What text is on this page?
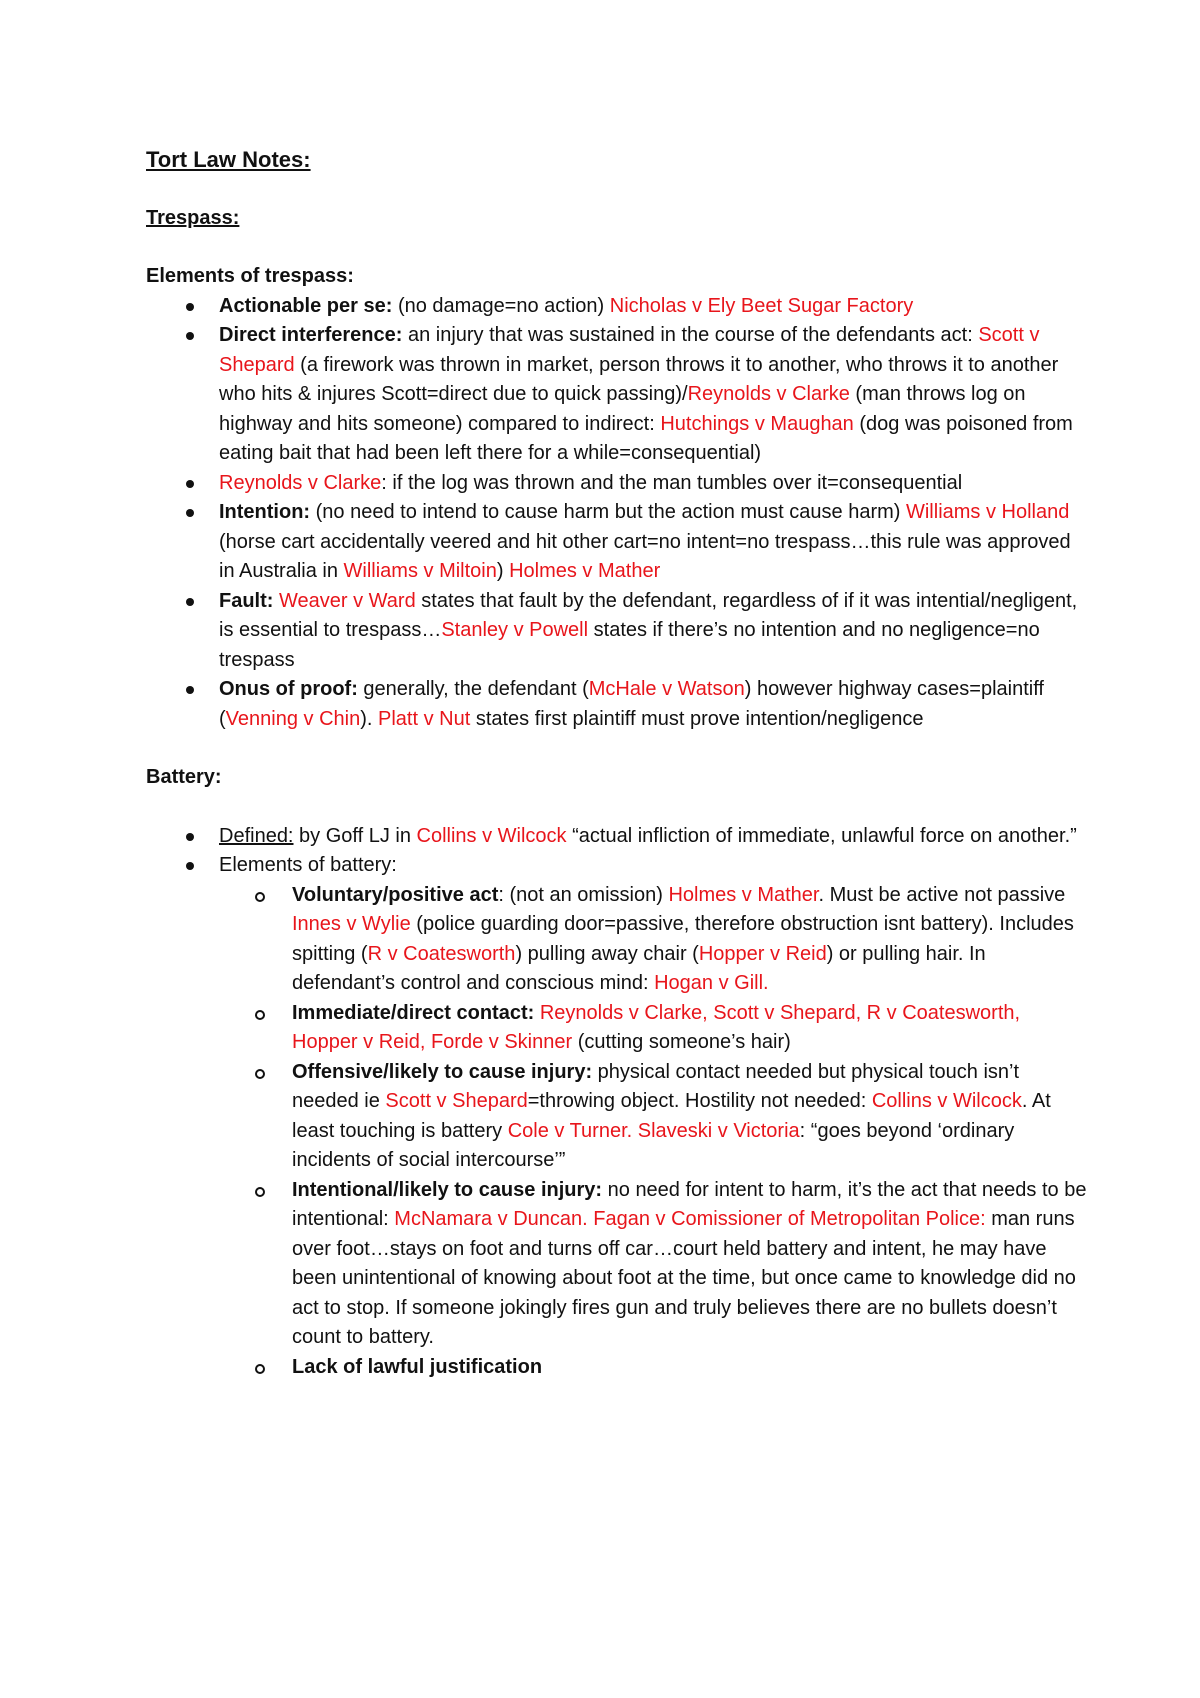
Tort Law Notes:
Trespass:
Elements of trespass:
Actionable per se: (no damage=no action) Nicholas v Ely Beet Sugar Factory
Direct interference: an injury that was sustained in the course of the defendants act: Scott v Shepard (a firework was thrown in market, person throws it to another, who throws it to another who hits & injures Scott=direct due to quick passing)/Reynolds v Clarke (man throws log on highway and hits someone) compared to indirect: Hutchings v Maughan (dog was poisoned from eating bait that had been left there for a while=consequential)
Reynolds v Clarke: if the log was thrown and the man tumbles over it=consequential
Intention: (no need to intend to cause harm but the action must cause harm) Williams v Holland (horse cart accidentally veered and hit other cart=no intent=no trespass…this rule was approved in Australia in Williams v Miltoin) Holmes v Mather
Fault: Weaver v Ward states that fault by the defendant, regardless of if it was intential/negligent, is essential to trespass…Stanley v Powell states if there’s no intention and no negligence=no trespass
Onus of proof: generally, the defendant (McHale v Watson) however highway cases=plaintiff (Venning v Chin). Platt v Nut states first plaintiff must prove intention/negligence
Battery:
Defined: by Goff LJ in Collins v Wilcock “actual infliction of immediate, unlawful force on another.”
Elements of battery:
Voluntary/positive act: (not an omission) Holmes v Mather. Must be active not passive Innes v Wylie (police guarding door=passive, therefore obstruction isnt battery). Includes spitting (R v Coatesworth) pulling away chair (Hopper v Reid) or pulling hair. In defendant’s control and conscious mind: Hogan v Gill.
Immediate/direct contact: Reynolds v Clarke, Scott v Shepard, R v Coatesworth, Hopper v Reid, Forde v Skinner (cutting someone’s hair)
Offensive/likely to cause injury: physical contact needed but physical touch isn’t needed ie Scott v Shepard=throwing object. Hostility not needed: Collins v Wilcock. At least touching is battery Cole v Turner. Slaveski v Victoria: “goes beyond ‘ordinary incidents of social intercourse’”
Intentional/likely to cause injury: no need for intent to harm, it’s the act that needs to be intentional: McNamara v Duncan. Fagan v Comissioner of Metropolitan Police: man runs over foot…stays on foot and turns off car…court held battery and intent, he may have been unintentional of knowing about foot at the time, but once came to knowledge did no act to stop. If someone jokingly fires gun and truly believes there are no bullets doesn’t count to battery.
Lack of lawful justification
